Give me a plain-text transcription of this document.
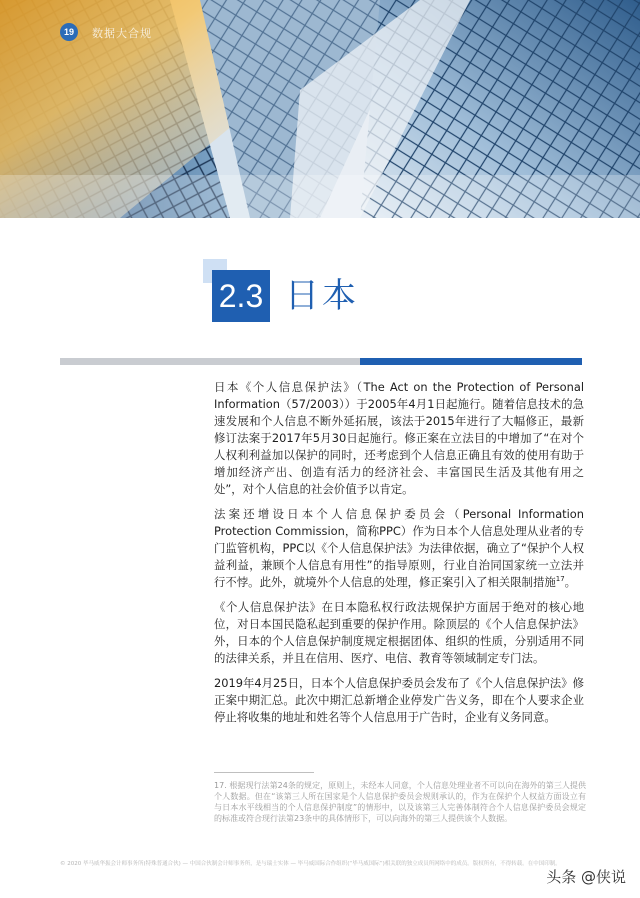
19	数据大合规
2.3 日本

日本《个人信息保护法》（The Act on the Protection of Personal Information（57/2003））于2005年4月1日起施行。随着信息技术的急速发展和个人信息不断外延拓展，该法于2015年进行了大幅修正，最新修订法案于2017年5月30日起施行。修正案在立法目的中增加了“在对个人权利利益加以保护的同时，还考虑到个人信息正确且有效的使用有助于增加经济产出、创造有活力的经济社会、丰富国民生活及其他有用之处”，对个人信息的社会价值予以肯定。

法案还增设日本个人信息保护委员会（Personal Information Protection Commission，简称PPC）作为日本个人信息处理从业者的专门监管机构，PPC以《个人信息保护法》为法律依据，确立了“保护个人权益利益，兼顾个人信息有用性”的指导原则，行业自治同国家统一立法并行不悖。此外，就境外个人信息的处理，修正案引入了相关限制措施$^{17}$。

《个人信息保护法》在日本隐私权行政法规保护方面居于绝对的核心地位，对日本国民隐私起到重要的保护作用。除顶层的《个人信息保护法》外，日本的个人信息保护制度规定根据团体、组织的性质，分别适用不同的法律关系，并且在信用、医疗、电信、教育等领域制定专门法。

2019年4月25日，日本个人信息保护委员会发布了《个人信息保护法》修正案中期汇总。此次中期汇总新增企业停发广告义务，即在个人要求企业停止将收集的地址和姓名等个人信息用于广告时，企业有义务同意。

17. 根据现行法第24条的规定，原则上，未经本人同意，个人信息处理业者不可以向在海外的第三人提供个人数据。但在“该第三人所在国家是个人信息保护委员会规则承认的，作为在保护个人权益方面设立有与日本水平线相当的个人信息保护制度”的情形中，以及该第三人完善体制符合个人信息保护委员会规定的标准或符合现行法第23条中的具体情形下，可以向海外的第三人提供该个人数据。

© 2020 毕马威华振会计师事务所(特殊普通合伙) — 中国合伙制会计师事务所，是与瑞士实体 — 毕马威国际合作组织(“毕马威国际”)相关联的独立成员所网络中的成员。版权所有，不得转载。在中国印制。
头条 @侠说
